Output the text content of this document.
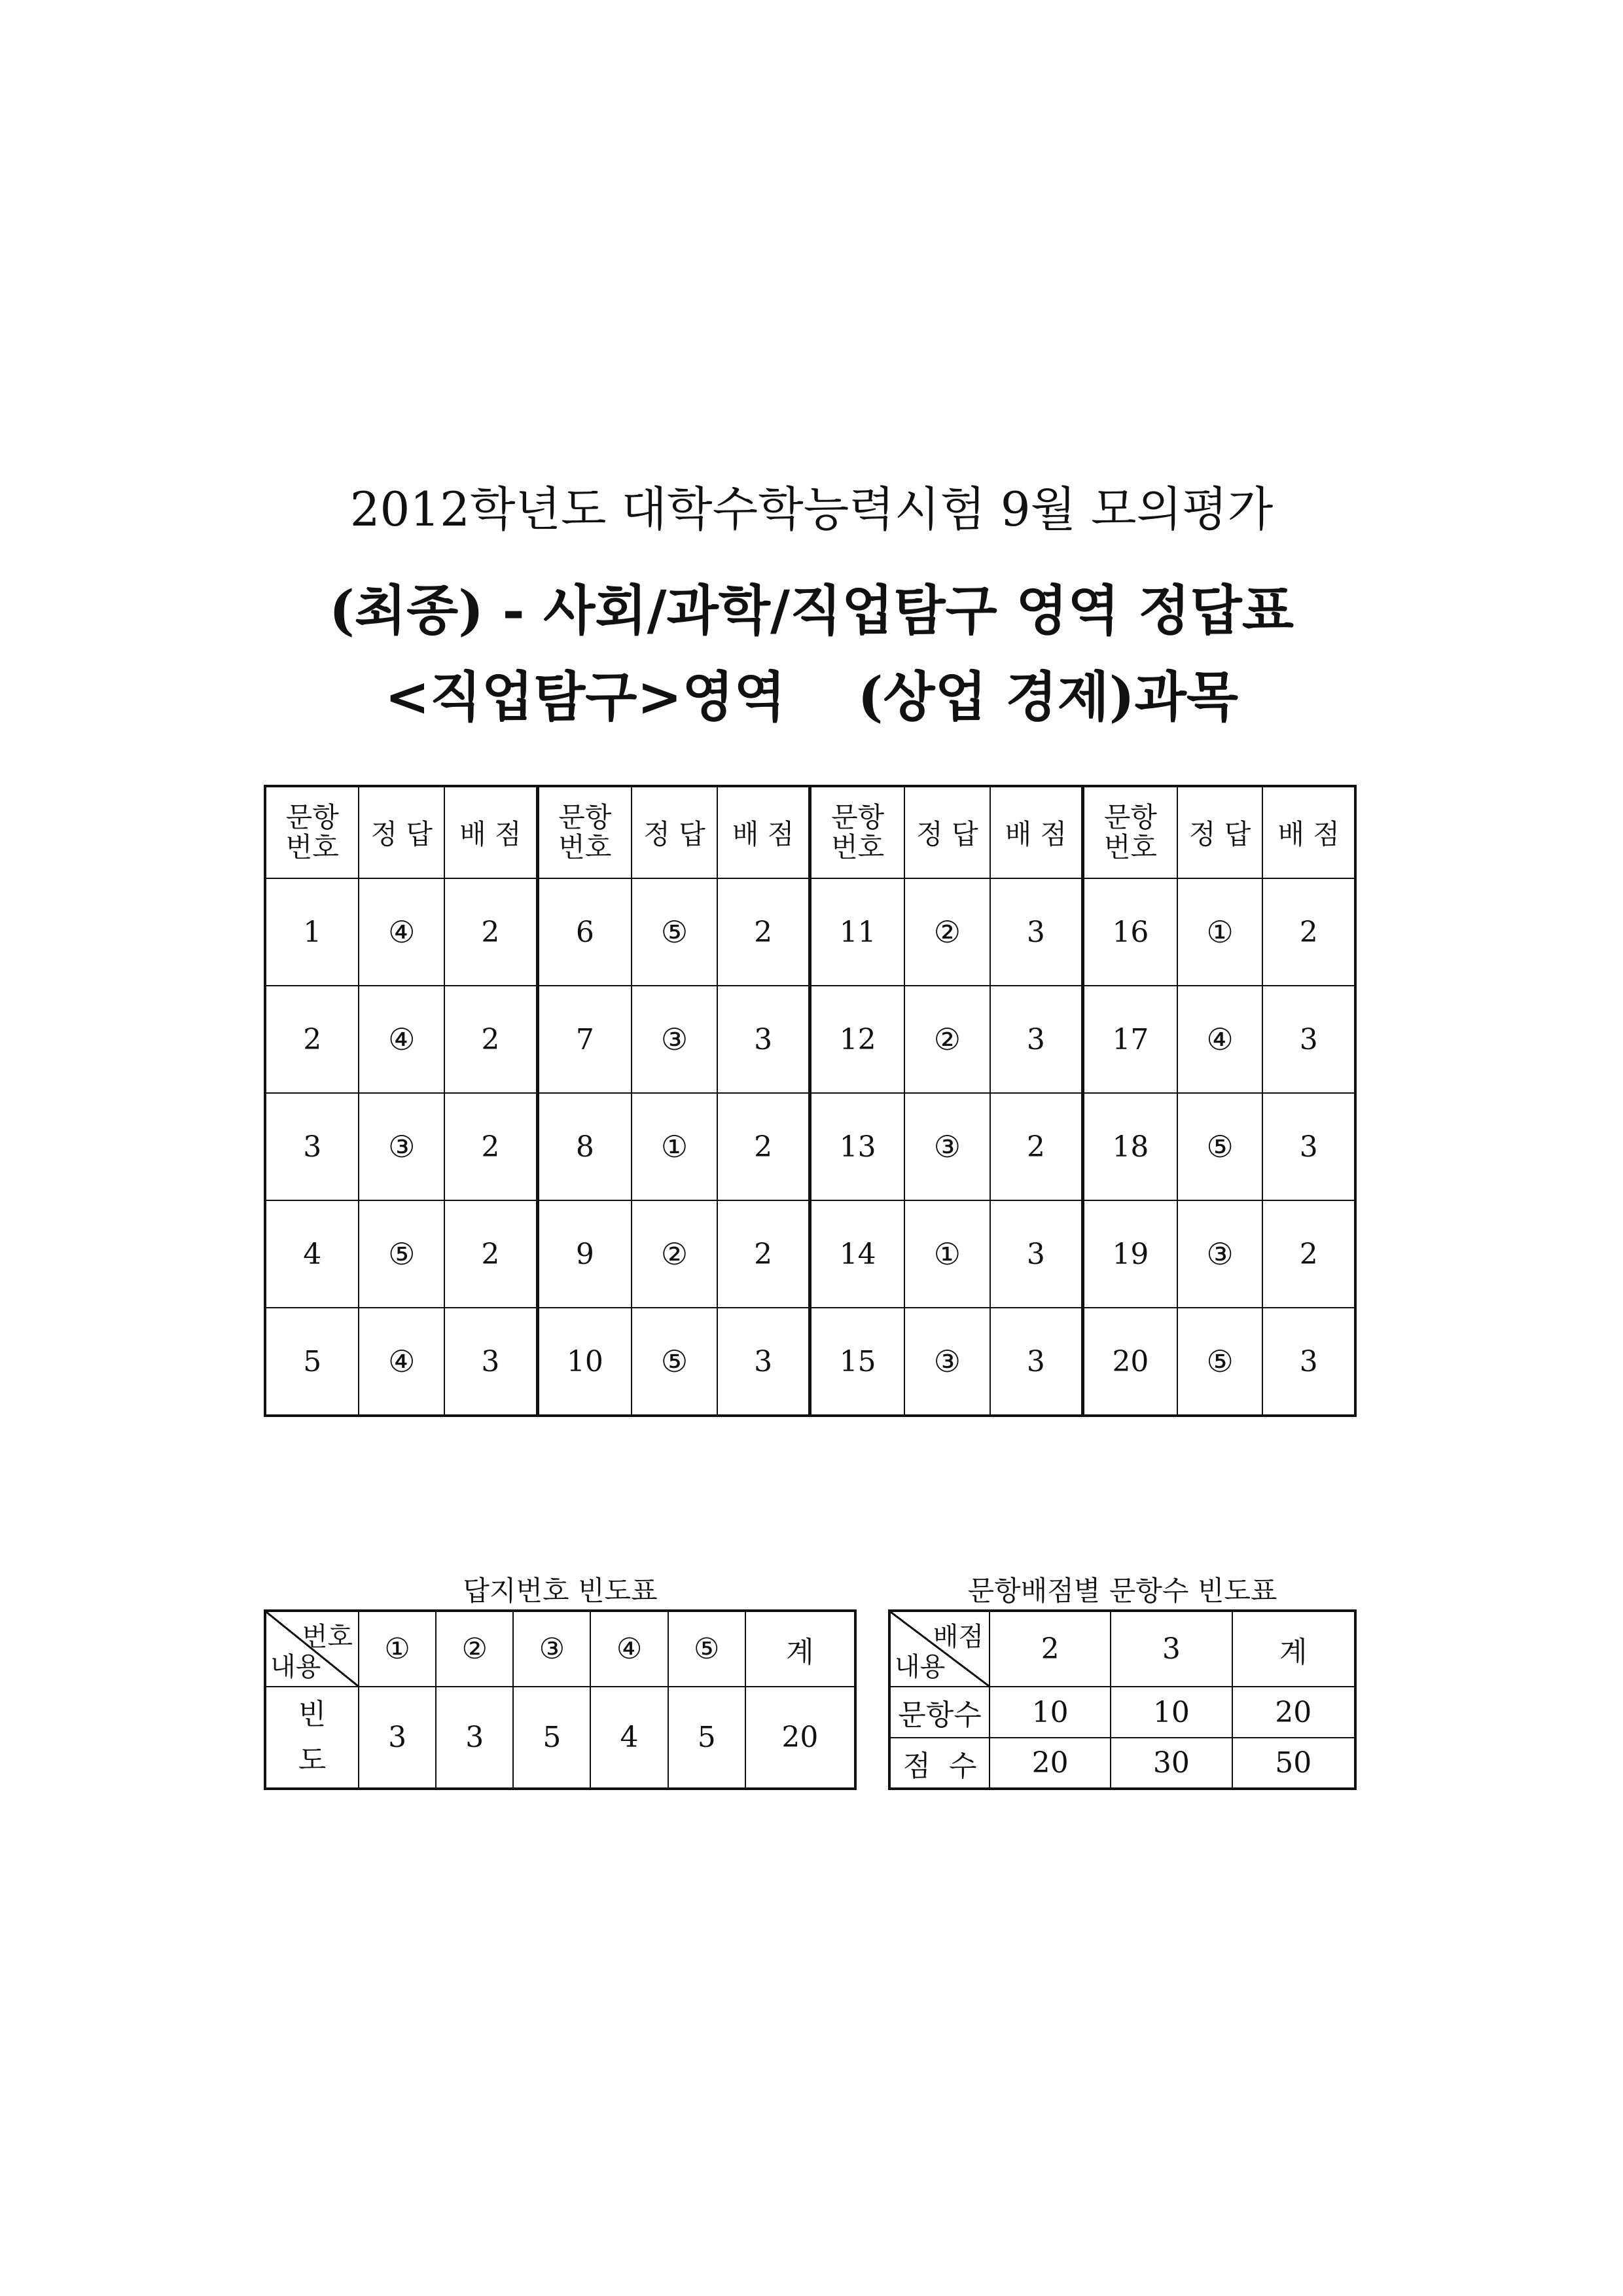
2012학년도 대학수학능력시험 9월 모의평가
(최종) - 사회/과학/직업탐구 영역 정답표
<직업탐구>영역 (상업 경제)과목
문항
번호	정 답	배 점	문항
번호	정 답	배 점	문항
번호	정 답	배 점	문항
번호	정 답	배 점
1	④	2	6	⑤	2	11	②	3	16	①	2
2	④	2	7	③	3	12	②	3	17	④	3
3	③	2	8	①	2	13	③	2	18	⑤	3
4	⑤	2	9	②	2	14	①	3	19	③	2
5	④	3	10	⑤	3	15	③	3	20	⑤	3
답지번호 빈도표
번호
내용	①	②	③	④	⑤	계
빈
도	3	3	5	4	5	20
문항배점별 문항수 빈도표
배점
내용	2	3	계
문항수	10	10	20
점  수	20	30	50
